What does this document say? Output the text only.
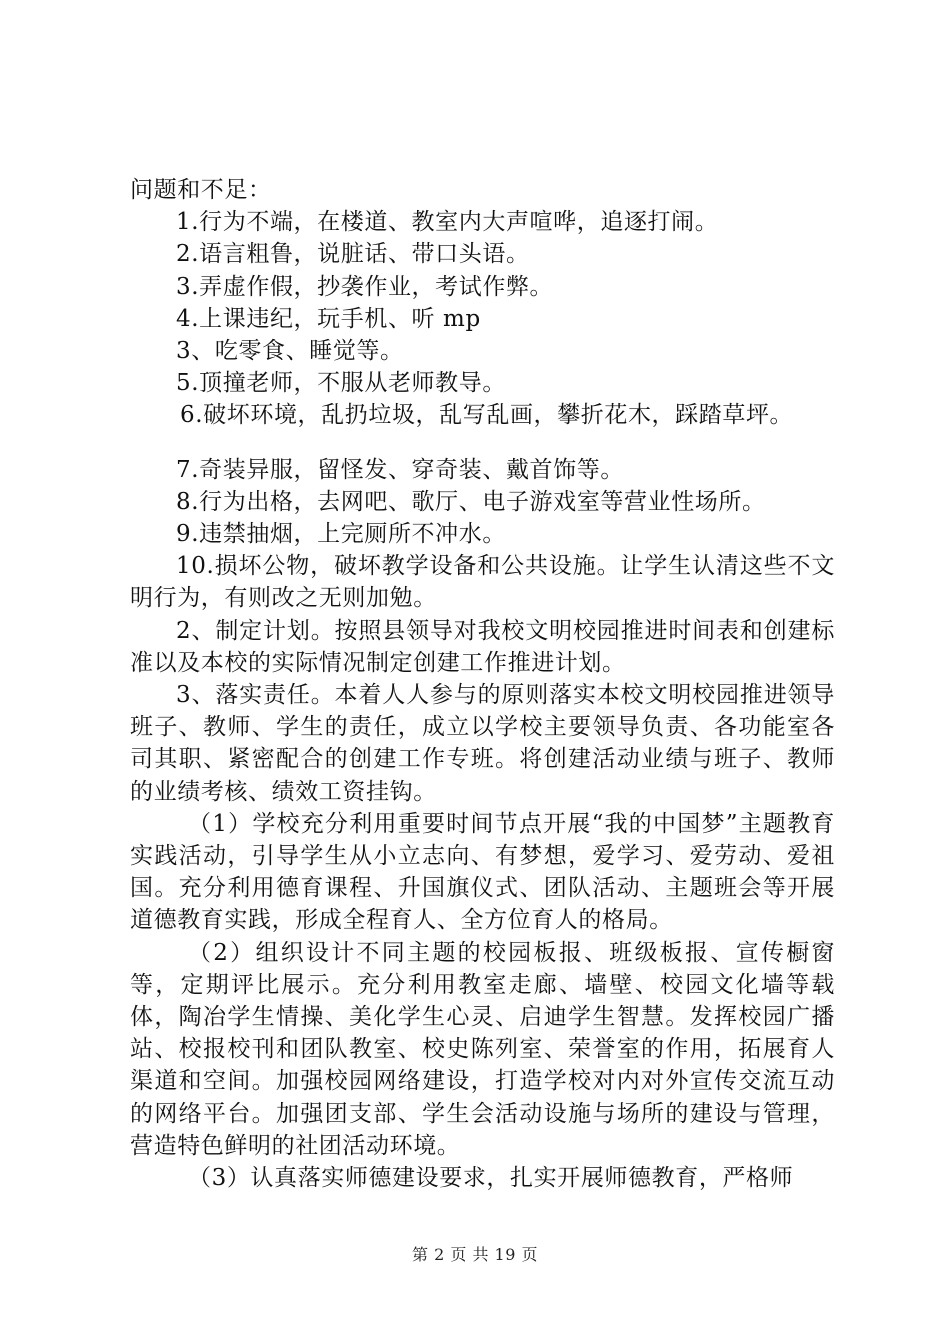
问题和不足：
1.行为不端，在楼道、教室内大声喧哗，追逐打闹。
2.语言粗鲁，说脏话、带口头语。
3.弄虚作假，抄袭作业，考试作弊。
4.上课违纪，玩手机、听 mp
3、吃零食、睡觉等。
5.顶撞老师，不服从老师教导。
6.破坏环境，乱扔垃圾，乱写乱画，攀折花木，踩踏草坪。
7.奇装异服，留怪发、穿奇装、戴首饰等。
8.行为出格，去网吧、歌厅、电子游戏室等营业性场所。
9.违禁抽烟，上完厕所不冲水。
10.损坏公物，破坏教学设备和公共设施。让学生认清这些不文明行为，有则改之无则加勉。
2、制定计划。按照县领导对我校文明校园推进时间表和创建标准以及本校的实际情况制定创建工作推进计划。
3、落实责任。本着人人参与的原则落实本校文明校园推进领导班子、教师、学生的责任，成立以学校主要领导负责、各功能室各司其职、紧密配合的创建工作专班。将创建活动业绩与班子、教师的业绩考核、绩效工资挂钩。
（1）学校充分利用重要时间节点开展“我的中国梦”主题教育实践活动，引导学生从小立志向、有梦想，爱学习、爱劳动、爱祖国。充分利用德育课程、升国旗仪式、团队活动、主题班会等开展道德教育实践，形成全程育人、全方位育人的格局。
（2）组织设计不同主题的校园板报、班级板报、宣传橱窗等，定期评比展示。充分利用教室走廊、墙壁、校园文化墙等载体，陶冶学生情操、美化学生心灵、启迪学生智慧。发挥校园广播站、校报校刊和团队教室、校史陈列室、荣誉室的作用，拓展育人渠道和空间。加强校园网络建设，打造学校对内对外宣传交流互动的网络平台。加强团支部、学生会活动设施与场所的建设与管理，营造特色鲜明的社团活动环境。
（3）认真落实师德建设要求，扎实开展师德教育，严格师
第 2 页 共 19 页
